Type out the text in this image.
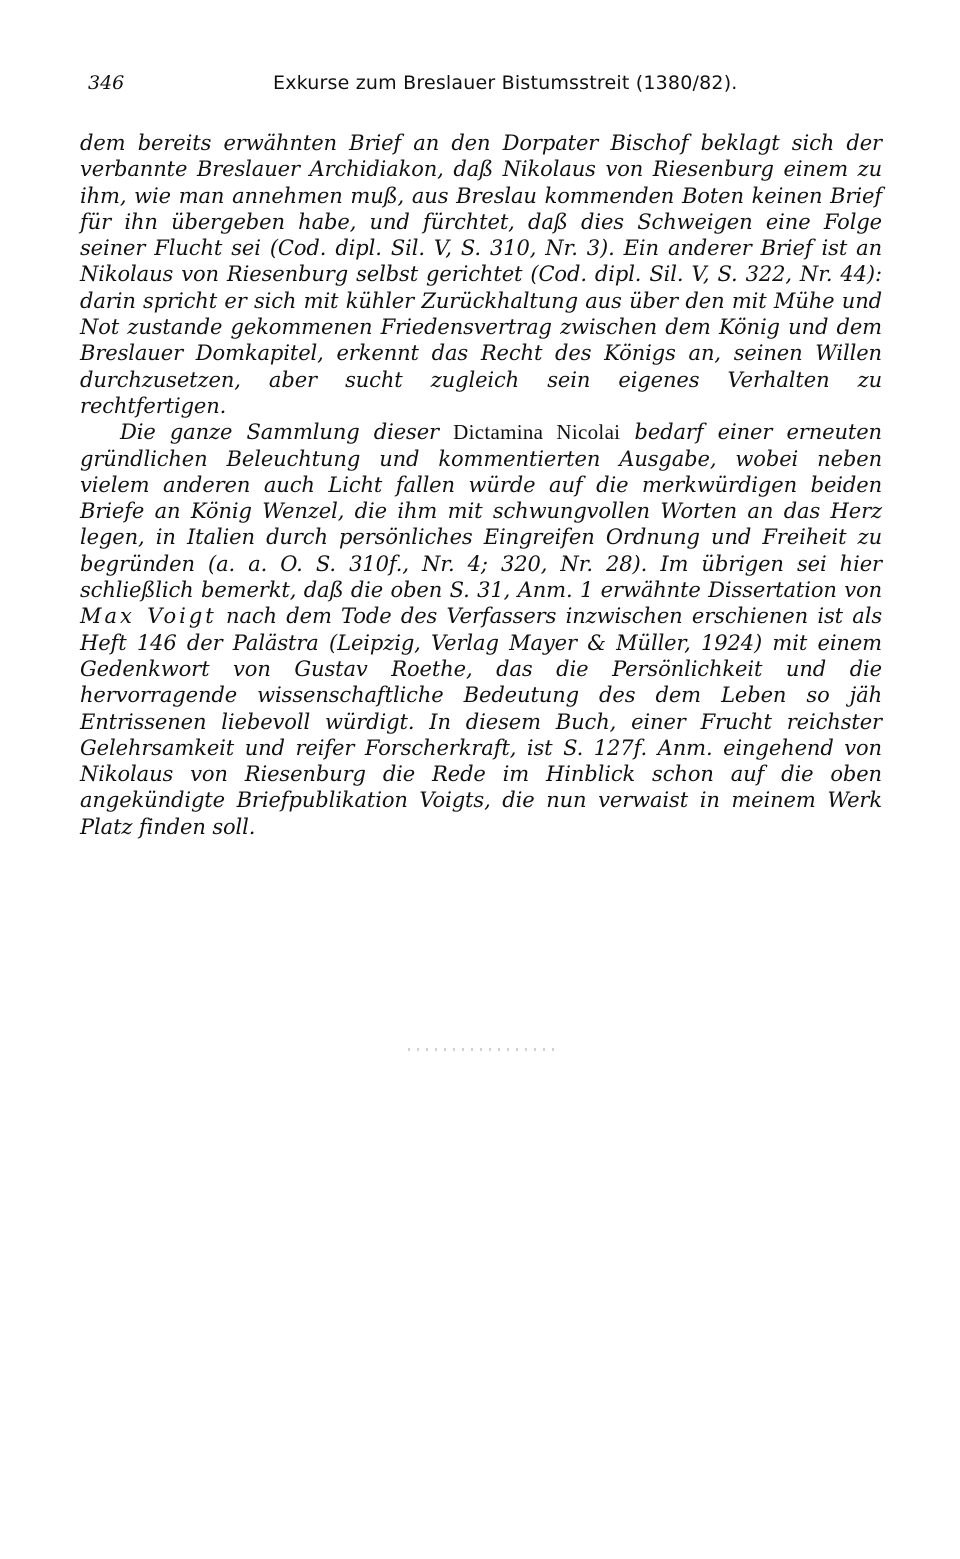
346	Exkurse zum Breslauer Bistumsstreit (1380/82).

dem bereits erwähnten Brief an den Dorpater Bischof beklagt sich der verbannte Breslauer Archidiakon, daß Nikolaus von Riesenburg einem zu ihm, wie man annehmen muß, aus Breslau kommenden Boten keinen Brief für ihn übergeben habe, und fürchtet, daß dies Schweigen eine Folge seiner Flucht sei (Cod. dipl. Sil. V, S. 310, Nr. 3). Ein anderer Brief ist an Nikolaus von Riesenburg selbst gerichtet (Cod. dipl. Sil. V, S. 322, Nr. 44): darin spricht er sich mit kühler Zurückhaltung aus über den mit Mühe und Not zustande gekommenen Friedensvertrag zwischen dem König und dem Breslauer Domkapitel, erkennt das Recht des Königs an, seinen Willen durchzusetzen, aber sucht zugleich sein eigenes Verhalten zu rechtfertigen.

Die ganze Sammlung dieser Dictamina Nicolai bedarf einer erneuten gründlichen Beleuchtung und kommentierten Ausgabe, wobei neben vielem anderen auch Licht fallen würde auf die merkwürdigen beiden Briefe an König Wenzel, die ihm mit schwungvollen Worten an das Herz legen, in Italien durch persönliches Eingreifen Ordnung und Freiheit zu begründen (a. a. O. S. 310f., Nr. 4; 320, Nr. 28). Im übrigen sei hier schließlich bemerkt, daß die oben S. 31, Anm. 1 erwähnte Dissertation von Max Voigt nach dem Tode des Verfassers inzwischen erschienen ist als Heft 146 der Palästra (Leipzig, Verlag Mayer & Müller, 1924) mit einem Gedenkwort von Gustav Roethe, das die Persönlichkeit und die hervorragende wissenschaftliche Bedeutung des dem Leben so jäh Entrissenen liebevoll würdigt. In diesem Buch, einer Frucht reichster Gelehrsamkeit und reifer Forscherkraft, ist S. 127f. Anm. eingehend von Nikolaus von Riesenburg die Rede im Hinblick schon auf die oben angekündigte Briefpublikation Voigts, die nun verwaist in meinem Werk Platz finden soll.
